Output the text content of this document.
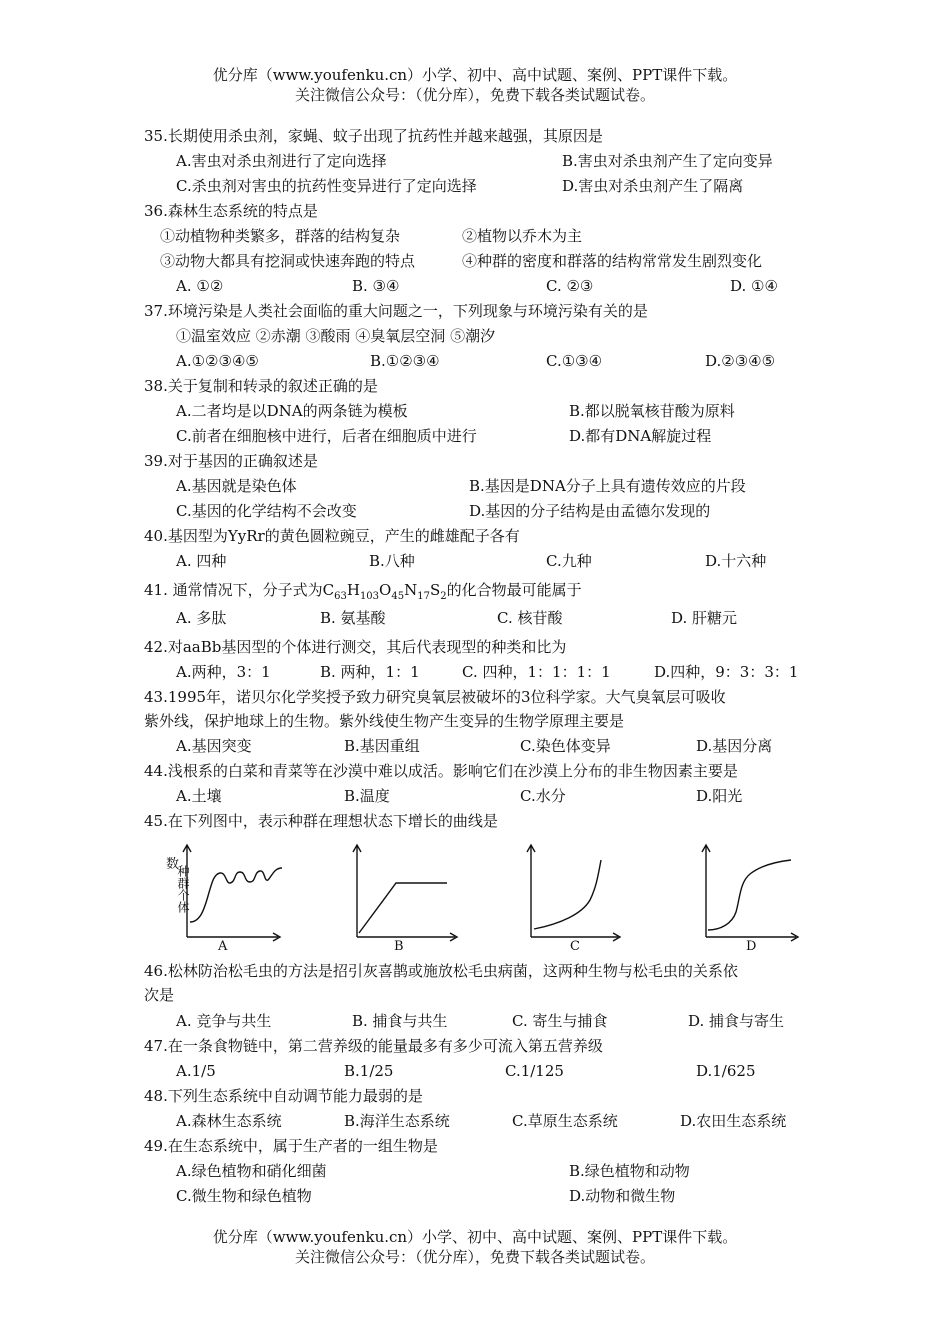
优分库（www.youfenku.cn）小学、初中、高中试题、案例、PPT课件下载。
关注微信公众号：（优分库），免费下载各类试题试卷。
35.长期使用杀虫剂，家蝇、蚊子出现了抗药性并越来越强，其原因是
A.害虫对杀虫剂进行了定向选择	B.害虫对杀虫剂产生了定向变异
C.杀虫剂对害虫的抗药性变异进行了定向选择	D.害虫对杀虫剂产生了隔离
36.森林生态系统的特点是
①动植物种类繁多，群落的结构复杂	②植物以乔木为主
③动物大都具有挖洞或快速奔跑的特点	④种群的密度和群落的结构常常发生剧烈变化
A. ①②	B. ③④	C. ②③	D. ①④
37.环境污染是人类社会面临的重大问题之一，下列现象与环境污染有关的是
①温室效应 ②赤潮 ③酸雨 ④臭氧层空洞 ⑤潮汐
A.①②③④⑤	B.①②③④	C.①③④	D.②③④⑤
38.关于复制和转录的叙述正确的是
A.二者均是以DNA的两条链为模板	B.都以脱氧核苷酸为原料
C.前者在细胞核中进行，后者在细胞质中进行	D.都有DNA解旋过程
39.对于基因的正确叙述是
A.基因就是染色体	B.基因是DNA分子上具有遗传效应的片段
C.基因的化学结构不会改变	D.基因的分子结构是由孟德尔发现的
40.基因型为YyRr的黄色圆粒豌豆，产生的雌雄配子各有
A. 四种	B.八种	C.九种	D.十六种
41. 通常情况下，分子式为$C_{63}H_{103}O_{45}N_{17}S_2$的化合物最可能属于
A. 多肽	B. 氨基酸	C. 核苷酸	D. 肝糖元
42.对aaBb基因型的个体进行测交，其后代表现型的种类和比为
A.两种，3：1	B. 两种，1：1	C. 四种，1：1：1：1	D.四种，9：3：3：1
43.1995年，诺贝尔化学奖授予致力研究臭氧层被破坏的3位科学家。大气臭氧层可吸收
紫外线，保护地球上的生物。紫外线使生物产生变异的生物学原理主要是
A.基因突变	B.基因重组	C.染色体变异	D.基因分离
44.浅根系的白菜和青菜等在沙漠中难以成活。影响它们在沙漠上分布的非生物因素主要是
A.土壤	B.温度	C.水分	D.阳光
45.在下列图中，表示种群在理想状态下增长的曲线是
数
种群个体
A	B	C	D
46.松林防治松毛虫的方法是招引灰喜鹊或施放松毛虫病菌，这两种生物与松毛虫的关系依
次是
A. 竞争与共生	B. 捕食与共生	C. 寄生与捕食	D. 捕食与寄生
47.在一条食物链中，第二营养级的能量最多有多少可流入第五营养级
A.1/5	B.1/25	C.1/125	D.1/625
48.下列生态系统中自动调节能力最弱的是
A.森林生态系统	B.海洋生态系统	C.草原生态系统	D.农田生态系统
49.在生态系统中，属于生产者的一组生物是
A.绿色植物和硝化细菌	B.绿色植物和动物
C.微生物和绿色植物	D.动物和微生物
优分库（www.youfenku.cn）小学、初中、高中试题、案例、PPT课件下载。
关注微信公众号：（优分库），免费下载各类试题试卷。
